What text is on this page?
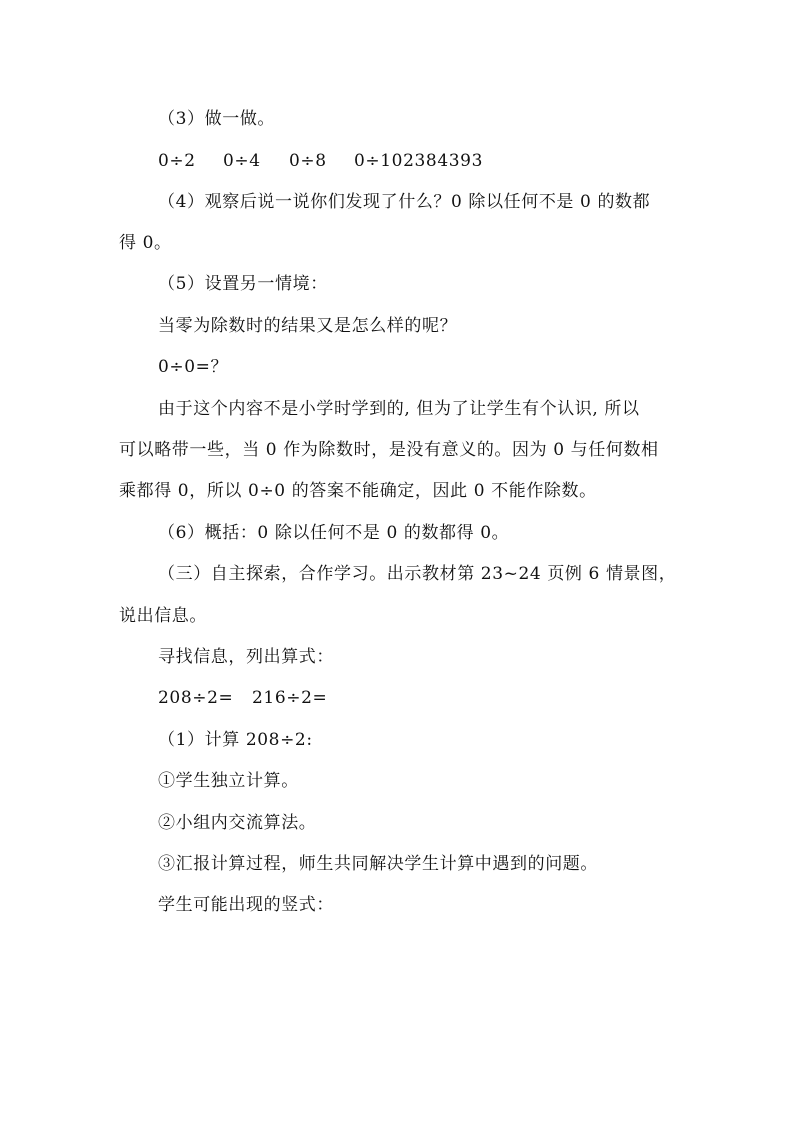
（3）做一做。
0÷2 0÷4 0÷8 0÷102384393
（4）观察后说一说你们发现了什么？0 除以任何不是 0 的数都
得 0。
（5）设置另一情境：
当零为除数时的结果又是怎么样的呢？
0÷0=？
由于这个内容不是小学时学到的, 但为了让学生有个认识, 所以
可以略带一些，当 0 作为除数时，是没有意义的。因为 0 与任何数相
乘都得 0，所以 0÷0 的答案不能确定，因此 0 不能作除数。
（6）概括：0 除以任何不是 0 的数都得 0。
（三）自主探索，合作学习。出示教材第 23~24 页例 6 情景图，
说出信息。
寻找信息，列出算式：
208÷2= 216÷2=
（1）计算 208÷2:
①学生独立计算。
②小组内交流算法。
③汇报计算过程，师生共同解决学生计算中遇到的问题。
学生可能出现的竖式：
